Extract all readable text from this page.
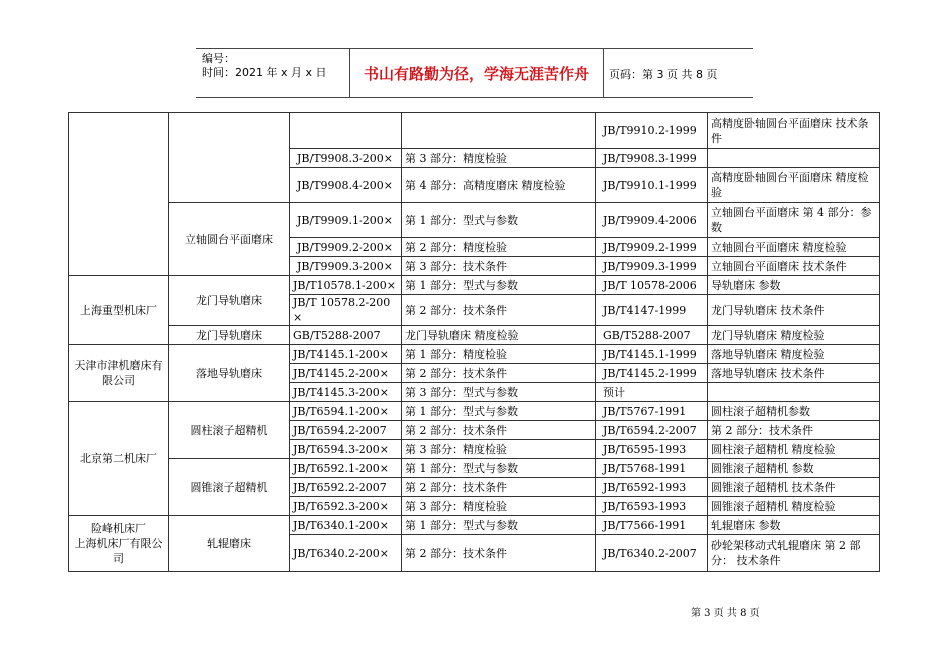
编号：
时间：2021 年 x 月 x 日	书山有路勤为径，学海无涯苦作舟	页码：第 3 页 共 8 页
				JB/T9910.2-1999	高精度卧轴圆台平面磨床 技术条件
		JB/T9908.3-200×	第 3 部分：精度检验	JB/T9908.3-1999	
		JB/T9908.4-200×	第 4 部分：高精度磨床 精度检验	JB/T9910.1-1999	高精度卧轴圆台平面磨床 精度检验
	立轴圆台平面磨床	JB/T9909.1-200×	第 1 部分：型式与参数	JB/T9909.4-2006	立轴圆台平面磨床 第 4 部分：参数
		JB/T9909.2-200×	第 2 部分：精度检验	JB/T9909.2-1999	立轴圆台平面磨床 精度检验
		JB/T9909.3-200×	第 3 部分：技术条件	JB/T9909.3-1999	立轴圆台平面磨床 技术条件
上海重型机床厂	龙门导轨磨床	JB/T10578.1-200×	第 1 部分：型式与参数	JB/T 10578-2006	导轨磨床 参数
		JB/T 10578.2-200×	第 2 部分：技术条件	JB/T4147-1999	龙门导轨磨床 技术条件
	龙门导轨磨床	GB/T5288-2007	龙门导轨磨床 精度检验	GB/T5288-2007	龙门导轨磨床 精度检验
天津市津机磨床有限公司	落地导轨磨床	JB/T4145.1-200×	第 1 部分：精度检验	JB/T4145.1-1999	落地导轨磨床 精度检验
		JB/T4145.2-200×	第 2 部分：技术条件	JB/T4145.2-1999	落地导轨磨床 技术条件
		JB/T4145.3-200×	第 3 部分：型式与参数	预计	
北京第二机床厂	圆柱滚子超精机	JB/T6594.1-200×	第 1 部分：型式与参数	JB/T5767-1991	圆柱滚子超精机参数
		JB/T6594.2-2007	第 2 部分：技术条件	JB/T6594.2-2007	第 2 部分：技术条件
		JB/T6594.3-200×	第 3 部分：精度检验	JB/T6595-1993	圆柱滚子超精机 精度检验
	圆锥滚子超精机	JB/T6592.1-200×	第 1 部分：型式与参数	JB/T5768-1991	圆锥滚子超精机 参数
		JB/T6592.2-2007	第 2 部分：技术条件	JB/T6592-1993	圆锥滚子超精机 技术条件
		JB/T6592.3-200×	第 3 部分：精度检验	JB/T6593-1993	圆锥滚子超精机 精度检验
险峰机床厂
上海机床厂有限公司	轧辊磨床	JB/T6340.1-200×	第 1 部分：型式与参数	JB/T7566-1991	轧辊磨床 参数
		JB/T6340.2-200×	第 2 部分：技术条件	JB/T6340.2-2007	砂轮架移动式轧辊磨床 第 2 部分： 技术条件
第 3 页 共 8 页
